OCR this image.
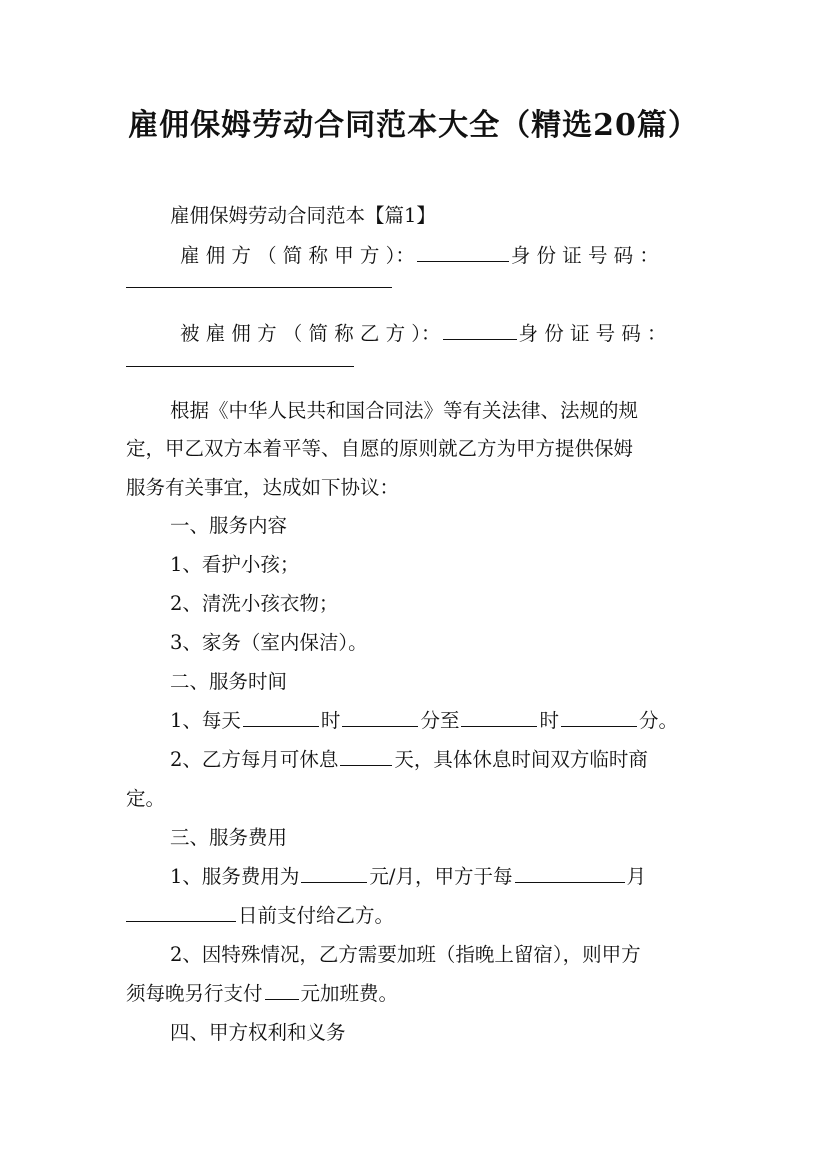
雇佣保姆劳动合同范本大全（精选20篇）
雇佣保姆劳动合同范本【篇1】
雇 佣 方 （ 简 称 甲 方 ）：	身 份 证 号 码 ：
被 雇 佣 方 （ 简 称 乙 方 ）：	身 份 证 号 码 ：
根据《中华人民共和国合同法》等有关法律、法规的规
定，甲乙双方本着平等、自愿的原则就乙方为甲方提供保姆
服务有关事宜，达成如下协议：
一、服务内容
1、看护小孩；
2、清洗小孩衣物；
3、家务（室内保洁）。
二、服务时间
1、每天	时	分至	时	分。
2、乙方每月可休息	天，具体休息时间双方临时商
定。
三、服务费用
1、服务费用为	元/月，甲方于每	月
日前支付给乙方。
2、因特殊情况，乙方需要加班（指晚上留宿），则甲方
须每晚另行支付 元加班费。
四、甲方权利和义务
